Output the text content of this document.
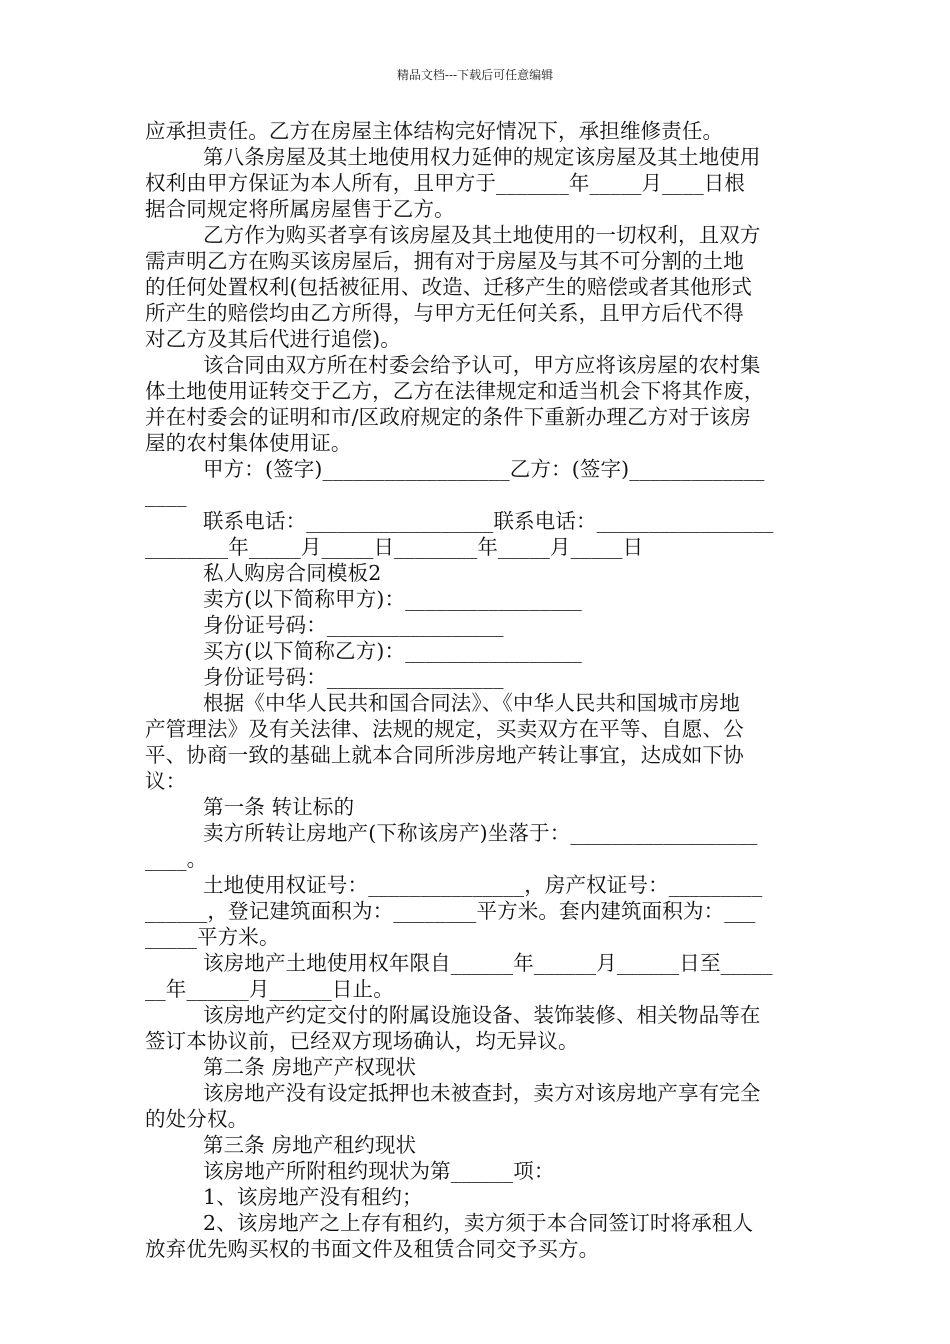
精品文档---下载后可任意编辑
应承担责任。乙方在房屋主体结构完好情况下，承担维修责任。
第八条房屋及其土地使用权力延伸的规定该房屋及其土地使用
权利由甲方保证为本人所有，且甲方于_______年_____月____日根
据合同规定将所属房屋售于乙方。
乙方作为购买者享有该房屋及其土地使用的一切权利，且双方
需声明乙方在购买该房屋后，拥有对于房屋及与其不可分割的土地
的任何处置权利(包括被征用、改造、迁移产生的赔偿或者其他形式
所产生的赔偿均由乙方所得，与甲方无任何关系，且甲方后代不得
对乙方及其后代进行追偿)。
该合同由双方所在村委会给予认可，甲方应将该房屋的农村集
体土地使用证转交于乙方，乙方在法律规定和适当机会下将其作废，
并在村委会的证明和市/区政府规定的条件下重新办理乙方对于该房
屋的农村集体使用证。
甲方：(签字)__________________乙方：(签字)_____________
____
联系电话：__________________联系电话：_________________
________年_____月_____日________年_____月_____日
私人购房合同模板2
卖方(以下简称甲方)：_________________
身份证号码：_________________
买方(以下简称乙方)：_________________
身份证号码：_________________
根据《中华人民共和国合同法》、《中华人民共和国城市房地
产管理法》及有关法律、法规的规定，买卖双方在平等、自愿、公
平、协商一致的基础上就本合同所涉房地产转让事宜，达成如下协
议：
第一条 转让标的
卖方所转让房地产(下称该房产)坐落于：__________________
____。
土地使用权证号：_______________，房产权证号：_________
______，登记建筑面积为：________平方米。套内建筑面积为：___
_____平方米。
该房地产土地使用权年限自______年______月______日至_____
__年______月______日止。
该房地产约定交付的附属设施设备、装饰装修、相关物品等在
签订本协议前，已经双方现场确认，均无异议。
第二条 房地产产权现状
该房地产没有设定抵押也未被查封，卖方对该房地产享有完全
的处分权。
第三条 房地产租约现状
该房地产所附租约现状为第______项：
1、该房地产没有租约；
2、该房地产之上存有租约，卖方须于本合同签订时将承租人
放弃优先购买权的书面文件及租赁合同交予买方。
